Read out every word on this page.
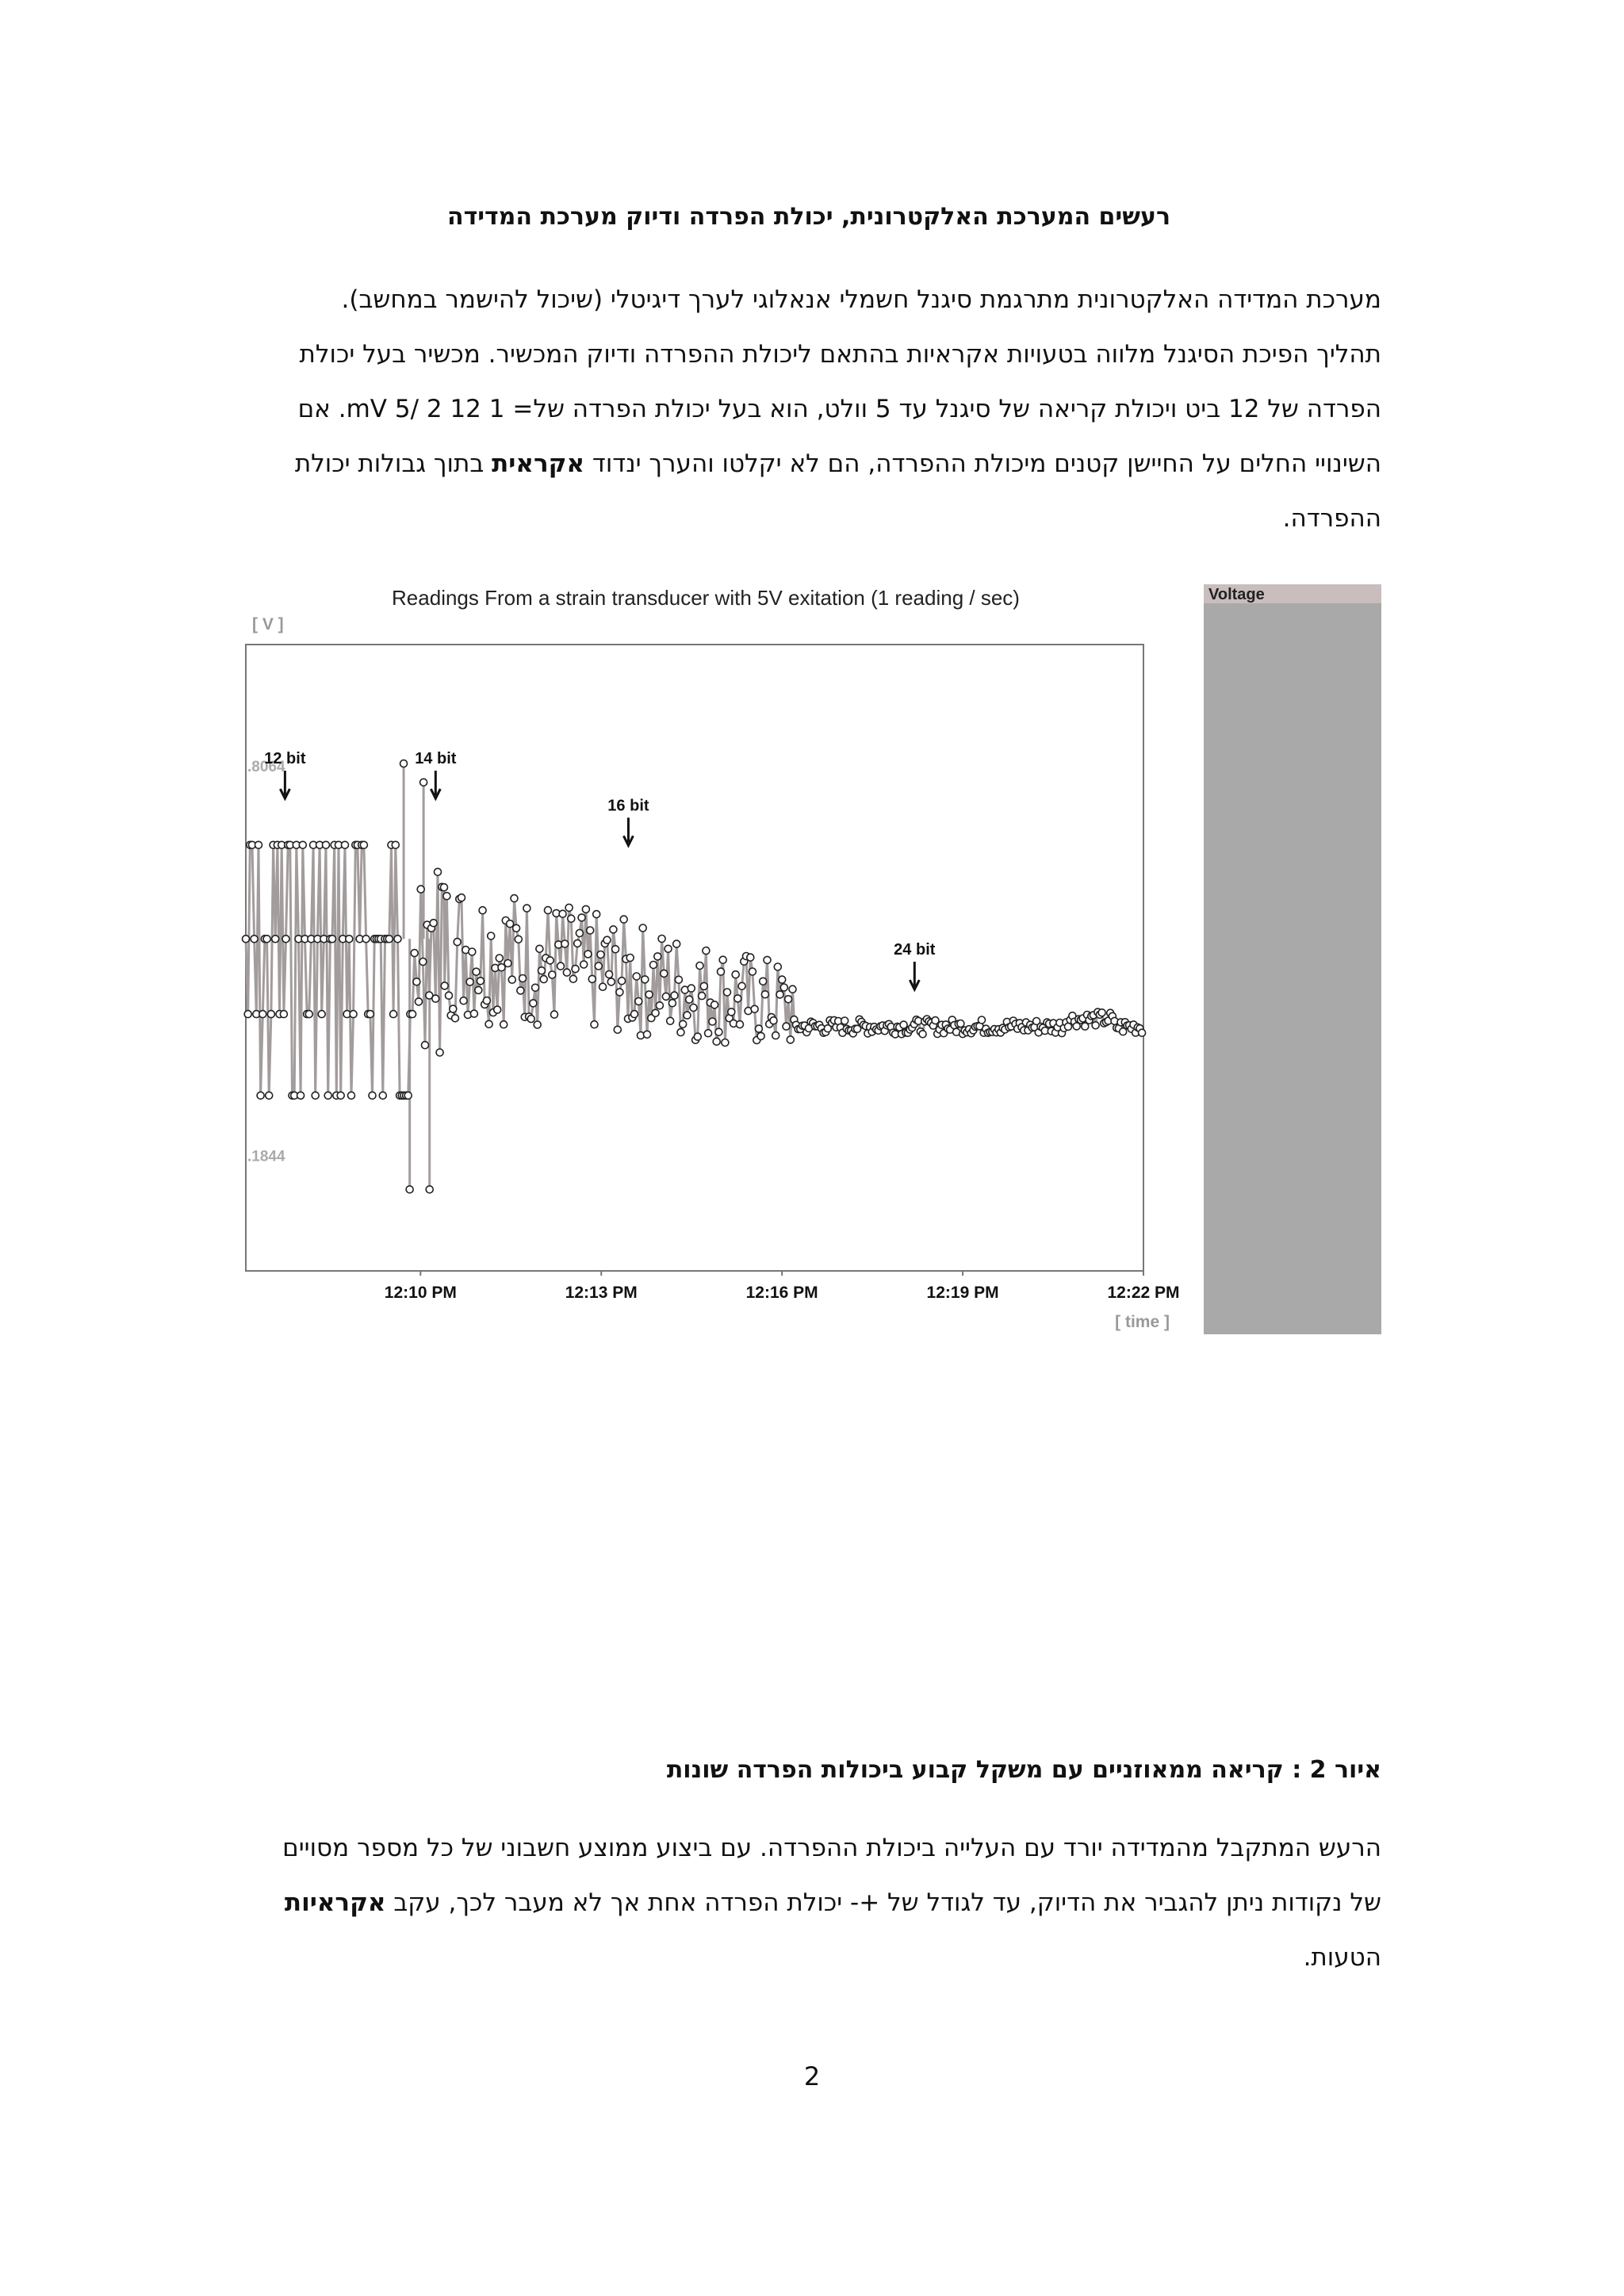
רעשים המערכת האלקטרונית, יכולת הפרדה ודיוק מערכת המדידה
מערכת המדידה האלקטרונית מתרגמת סיגנל חשמלי אנאלוגי לערך דיגיטלי (שיכול להישמר במחשב).
תהליך הפיכת הסיגנל מלווה בטעויות אקראיות בהתאם ליכולת ההפרדה ודיוק המכשיר. מכשיר בעל יכולת
הפרדה של 12 ביט ויכולת קריאה של סיגנל עד 5 וולט, הוא בעל יכולת הפרדה של= 1 mV 5/ 2 12. אם
השינויי החלים על החיישן קטנים מיכולת ההפרדה, הם לא יקלטו והערך ינדוד אקראית בתוך גבולות יכולת
ההפרדה.
Readings From a strain transducer with 5V exitation (1 reading / sec)
[ V ]
.8064
.1844
12 bit	14 bit
16 bit
24 bit
12:10 PM	12:13 PM	12:16 PM	12:19 PM	12:22 PM
[ time ]
Voltage

איור 2 : קריאה ממאוזניים עם משקל קבוע ביכולות הפרדה שונות

הרעש המתקבל מהמדידה יורד עם העלייה ביכולת ההפרדה. עם ביצוע ממוצע חשבוני של כל מספר מסויים
של נקודות ניתן להגביר את הדיוק, עד לגודל של +- יכולת הפרדה אחת אך לא מעבר לכך, עקב אקראיות
הטעות.
2
